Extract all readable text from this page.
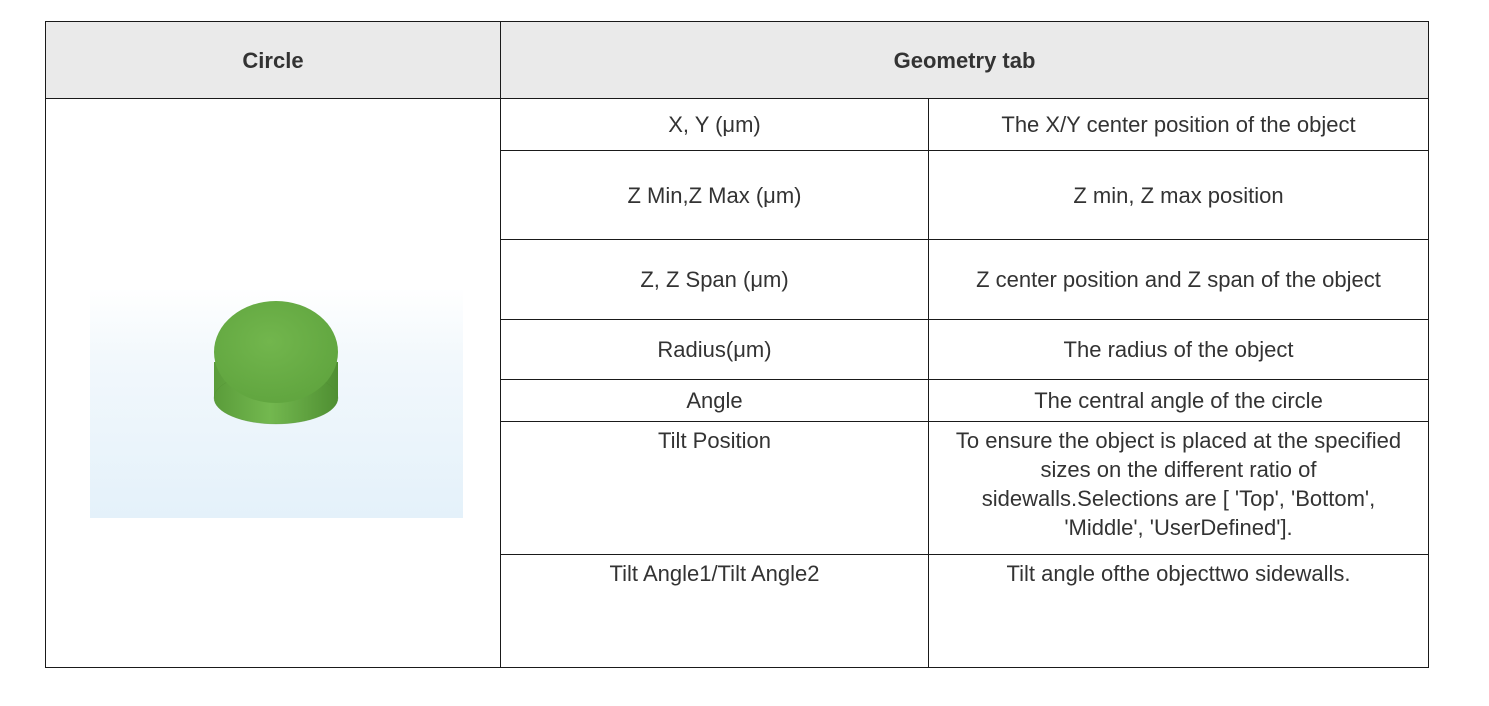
Circle	Geometry tab	

	X, Y (μm)	The X/Y center position of the object
	Z Min,Z Max (μm)	Z min, Z max position
	Z, Z Span (μm)	Z center position and Z span of the object
	Radius(μm)	The radius of the object
	Angle	The central angle of the circle
	Tilt Position	To ensure the object is placed at the specified sizes on the different ratio of sidewalls.Selections are [ 'Top', 'Bottom', 'Middle', 'UserDefined'].
	Tilt Angle1/Tilt Angle2	Tilt angle ofthe objecttwo sidewalls.
